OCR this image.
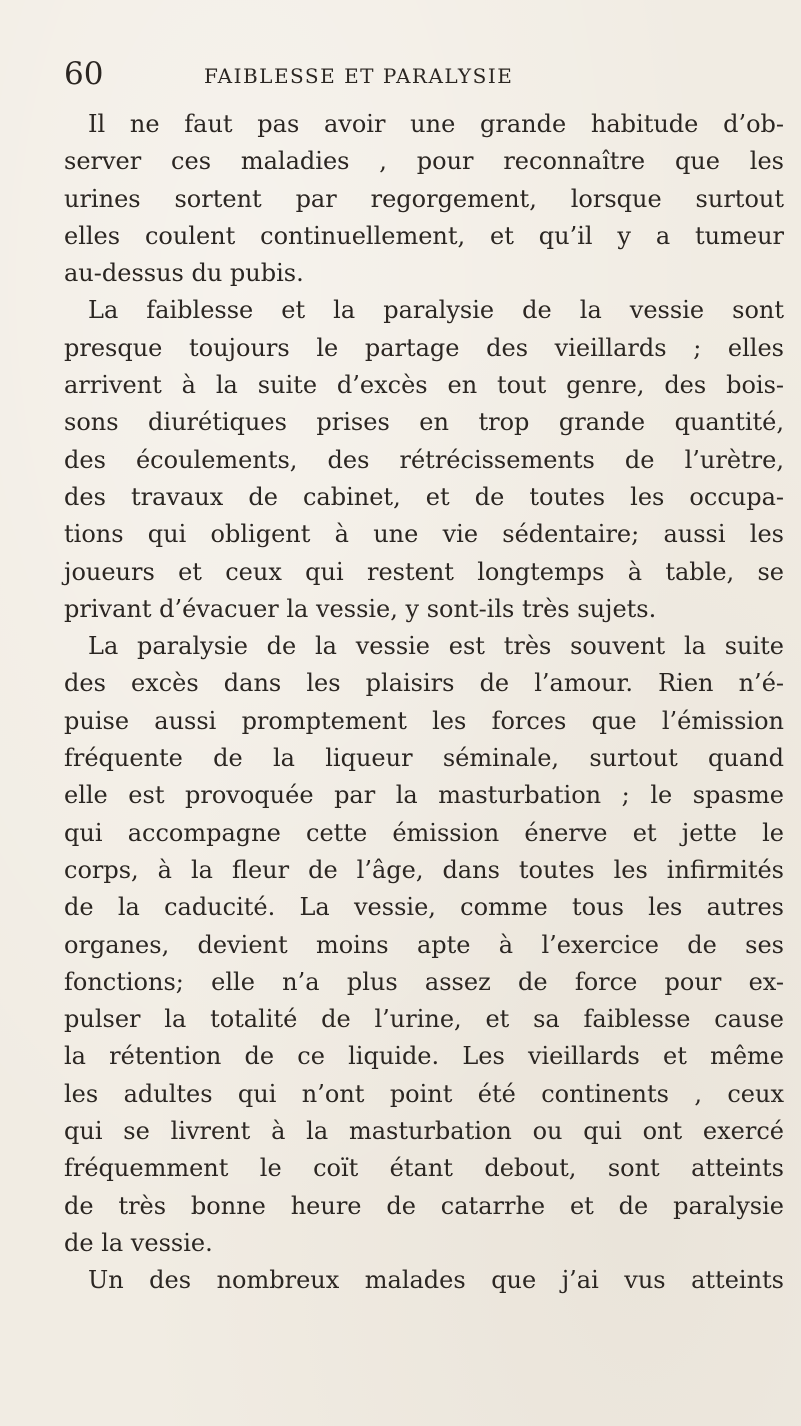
60	FAIBLESSE ET PARALYSIE
Il ne faut pas avoir une grande habitude d’ob-
server ces maladies , pour reconnaître que les
urines sortent par regorgement, lorsque surtout
elles coulent continuellement, et qu’il y a tumeur
au-dessus du pubis.
La faiblesse et la paralysie de la vessie sont
presque toujours le partage des vieillards ; elles
arrivent à la suite d’excès en tout genre, des bois-
sons diurétiques prises en trop grande quantité,
des écoulements, des rétrécissements de l’urètre,
des travaux de cabinet, et de toutes les occupa-
tions qui obligent à une vie sédentaire; aussi les
joueurs et ceux qui restent longtemps à table, se
privant d’évacuer la vessie, y sont-ils très sujets.
La paralysie de la vessie est très souvent la suite
des excès dans les plaisirs de l’amour. Rien n’é-
puise aussi promptement les forces que l’émission
fréquente de la liqueur séminale, surtout quand
elle est provoquée par la masturbation ; le spasme
qui accompagne cette émission énerve et jette le
corps, à la fleur de l’âge, dans toutes les infirmités
de la caducité. La vessie, comme tous les autres
organes, devient moins apte à l’exercice de ses
fonctions; elle n’a plus assez de force pour ex-
pulser la totalité de l’urine, et sa faiblesse cause
la rétention de ce liquide. Les vieillards et même
les adultes qui n’ont point été continents , ceux
qui se livrent à la masturbation ou qui ont exercé
fréquemment le coït étant debout, sont atteints
de très bonne heure de catarrhe et de paralysie
de la vessie.
Un des nombreux malades que j’ai vus atteints
